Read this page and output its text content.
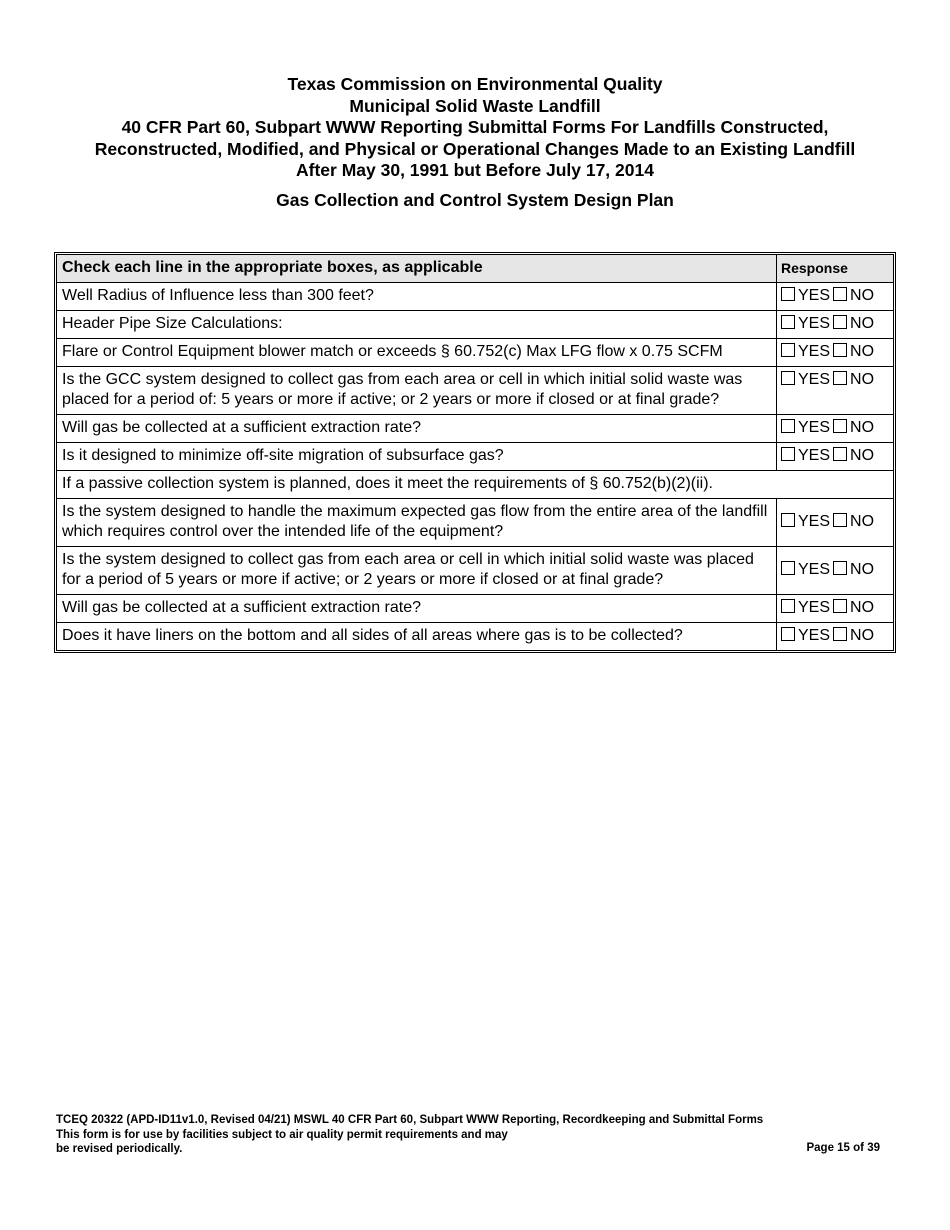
Texas Commission on Environmental Quality
Municipal Solid Waste Landfill
40 CFR Part 60, Subpart WWW Reporting Submittal Forms For Landfills Constructed,
Reconstructed, Modified, and Physical or Operational Changes Made to an Existing Landfill
After May 30, 1991 but Before July 17, 2014
Gas Collection and Control System Design Plan
Check each line in the appropriate boxes, as applicable	Response
Well Radius of Influence less than 300 feet?	YES NO
Header Pipe Size Calculations:	YES NO
Flare or Control Equipment blower match or exceeds § 60.752(c) Max LFG flow x 0.75 SCFM	YES NO
Is the GCC system designed to collect gas from each area or cell in which initial solid waste was placed for a period of: 5 years or more if active; or 2 years or more if closed or at final grade?	YES NO
Will gas be collected at a sufficient extraction rate?	YES NO
Is it designed to minimize off-site migration of subsurface gas?	YES NO
If a passive collection system is planned, does it meet the requirements of § 60.752(b)(2)(ii).	
Is the system designed to handle the maximum expected gas flow from the entire area of the landfill which requires control over the intended life of the equipment?	YES NO
Is the system designed to collect gas from each area or cell in which initial solid waste was placed for a period of 5 years or more if active; or 2 years or more if closed or at final grade?	YES NO
Will gas be collected at a sufficient extraction rate?	YES NO
Does it have liners on the bottom and all sides of all areas where gas is to be collected?	YES NO
TCEQ 20322 (APD-ID11v1.0, Revised 04/21) MSWL 40 CFR Part 60, Subpart WWW Reporting, Recordkeeping and Submittal Forms
This form is for use by facilities subject to air quality permit requirements and may
be revised periodically.	Page 15 of 39
